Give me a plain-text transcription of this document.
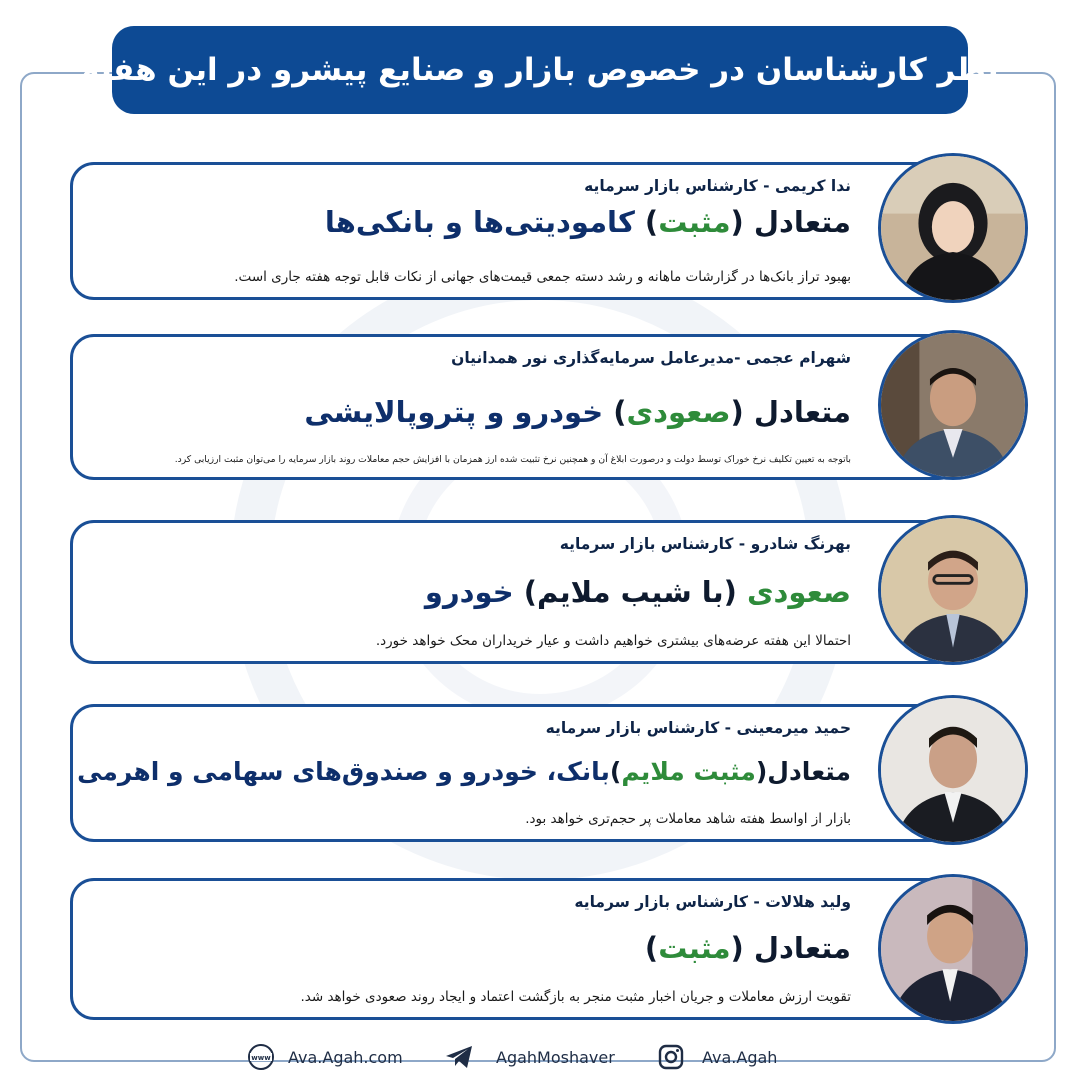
نظر کارشناسان در خصوص بازار و صنایع پیشرو در این هفته
ندا کریمی - کارشناس بازار سرمایه
متعادل (مثبت) کامودیتی‌ها و بانکی‌ها
بهبود تراز بانک‌ها در گزارشات ماهانه و رشد دسته جمعی قیمت‌های جهانی از نکات قابل توجه هفته جاری است.
شهرام عجمی -مدیرعامل سرمایه‌گذاری نور همدانیان
متعادل (صعودی) خودرو و پتروپالایشی
باتوجه به تعیین تکلیف نرخ خوراک توسط دولت و درصورت ابلاغ آن و همچنین نرخ تثبیت شده ارز همزمان با افزایش حجم معاملات روند بازار سرمایه را می‌توان مثبت ارزیابی کرد.
بهرنگ شادرو - کارشناس بازار سرمایه
صعودی (با شیب ملایم) خودرو
احتمالا این هفته عرضه‌های بیشتری خواهیم داشت و عیار خریداران محک خواهد خورد.
حمید میرمعینی - کارشناس بازار سرمایه
متعادل(مثبت ملایم)بانک، خودرو و صندوق‌های سهامی و اهرمی
بازار از اواسط هفته شاهد معاملات پر حجم‌تری خواهد بود.
ولید هلالات - کارشناس بازار سرمایه
متعادل (مثبت)
تقویت ارزش معاملات و جریان اخبار مثبت منجر به بازگشت اعتماد و ایجاد روند صعودی خواهد شد.
www Ava.Agah.com	AgahMoshaver	Ava.Agah
